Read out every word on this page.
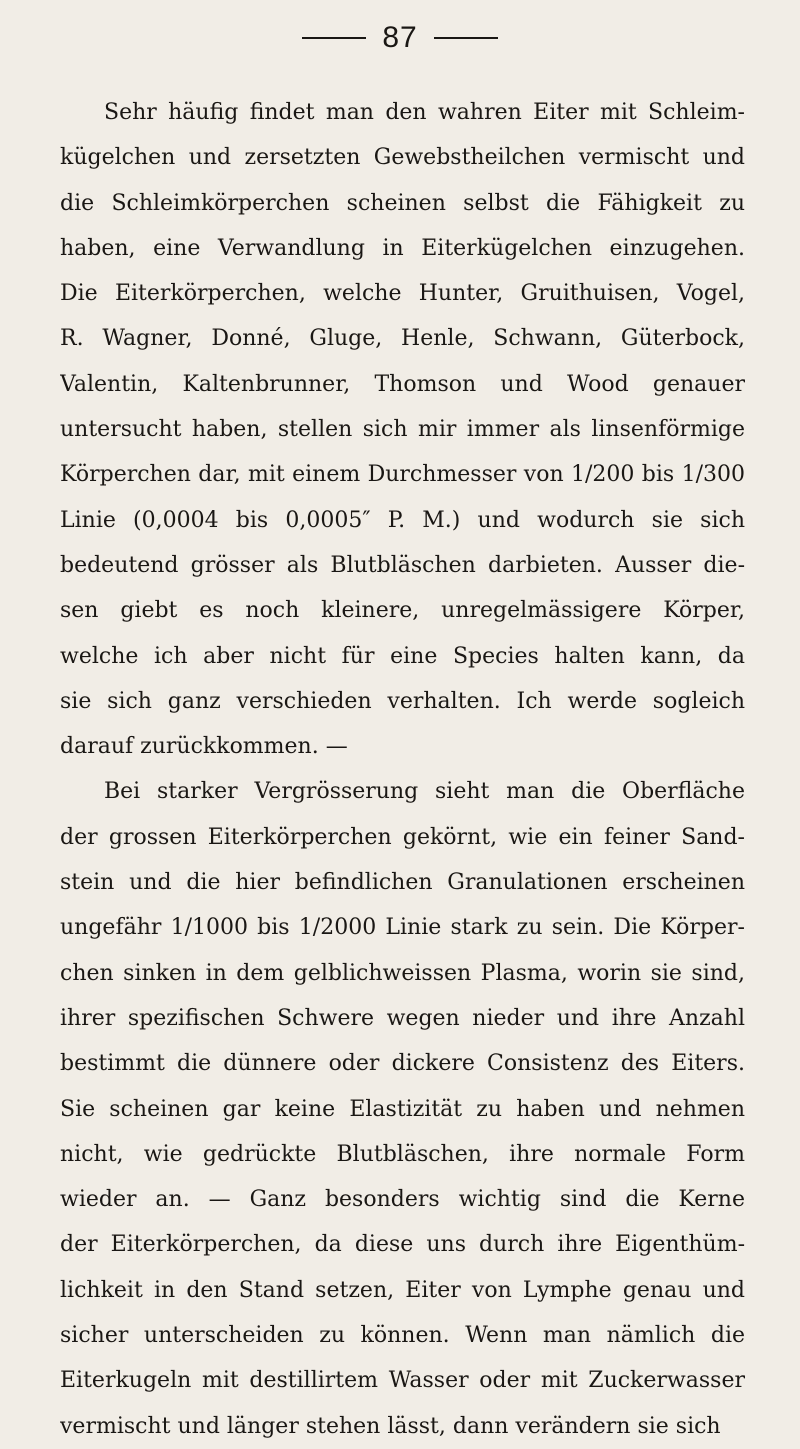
87
Sehr häufig findet man den wahren Eiter mit Schleim-
kügelchen und zersetzten Gewebstheilchen vermischt und
die Schleimkörperchen scheinen selbst die Fähigkeit zu
haben, eine Verwandlung in Eiterkügelchen einzugehen.
Die Eiterkörperchen, welche Hunter, Gruithuisen, Vogel,
R. Wagner, Donné, Gluge, Henle, Schwann, Güterbock,
Valentin, Kaltenbrunner, Thomson und Wood genauer
untersucht haben, stellen sich mir immer als linsenförmige
Körperchen dar, mit einem Durchmesser von 1/200 bis 1/300
Linie (0,0004 bis 0,0005″ P. M.) und wodurch sie sich
bedeutend grösser als Blutbläschen darbieten. Ausser die-
sen giebt es noch kleinere, unregelmässigere Körper,
welche ich aber nicht für eine Species halten kann, da
sie sich ganz verschieden verhalten. Ich werde sogleich
darauf zurückkommen. —
Bei starker Vergrösserung sieht man die Oberfläche
der grossen Eiterkörperchen gekörnt, wie ein feiner Sand-
stein und die hier befindlichen Granulationen erscheinen
ungefähr 1/1000 bis 1/2000 Linie stark zu sein. Die Körper-
chen sinken in dem gelblichweissen Plasma, worin sie sind,
ihrer spezifischen Schwere wegen nieder und ihre Anzahl
bestimmt die dünnere oder dickere Consistenz des Eiters.
Sie scheinen gar keine Elastizität zu haben und nehmen
nicht, wie gedrückte Blutbläschen, ihre normale Form
wieder an. — Ganz besonders wichtig sind die Kerne
der Eiterkörperchen, da diese uns durch ihre Eigenthüm-
lichkeit in den Stand setzen, Eiter von Lymphe genau und
sicher unterscheiden zu können. Wenn man nämlich die
Eiterkugeln mit destillirtem Wasser oder mit Zuckerwasser
vermischt und länger stehen lässt, dann verändern sie sich
